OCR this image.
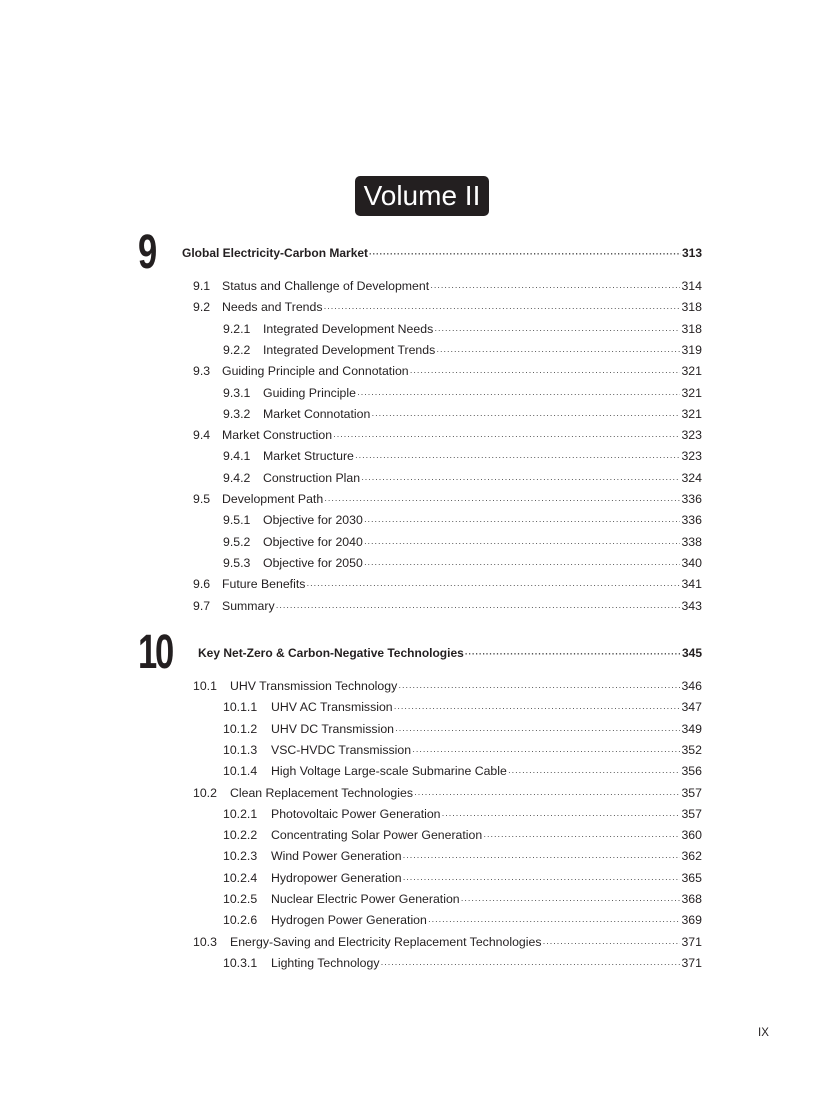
Volume II
9 Global Electricity-Carbon Market ·····	313
9.1 Status and Challenge of Development ·····	314
9.2 Needs and Trends ·····	318
9.2.1	Integrated Development Needs ·····	318
9.2.2	Integrated Development Trends ·····	319
9.3 Guiding Principle and Connotation ·····	321
9.3.1	Guiding Principle ·····	321
9.3.2	Market Connotation ·····	321
9.4 Market Construction ·····	323
9.4.1	Market Structure ·····	323
9.4.2	Construction Plan ·····	324
9.5 Development Path ·····	336
9.5.1	Objective for 2030 ·····	336
9.5.2	Objective for 2040 ·····	338
9.5.3	Objective for 2050 ·····	340
9.6 Future Benefits ·····	341
9.7 Summary ·····	343
10 Key Net-Zero & Carbon-Negative Technologies ·····	345
10.1	UHV Transmission Technology ·····	346
10.1.1	UHV AC Transmission ·····	347
10.1.2	UHV DC Transmission ·····	349
10.1.3	VSC-HVDC Transmission ·····	352
10.1.4	High Voltage Large-scale Submarine Cable ·····	356
10.2	Clean Replacement Technologies ·····	357
10.2.1	Photovoltaic Power Generation ·····	357
10.2.2	Concentrating Solar Power Generation ·····	360
10.2.3	Wind Power Generation ·····	362
10.2.4	Hydropower Generation ·····	365
10.2.5	Nuclear Electric Power Generation ·····	368
10.2.6	Hydrogen Power Generation ·····	369
10.3	Energy-Saving and Electricity Replacement Technologies ·····	371
10.3.1	Lighting Technology ·····	371
IX
